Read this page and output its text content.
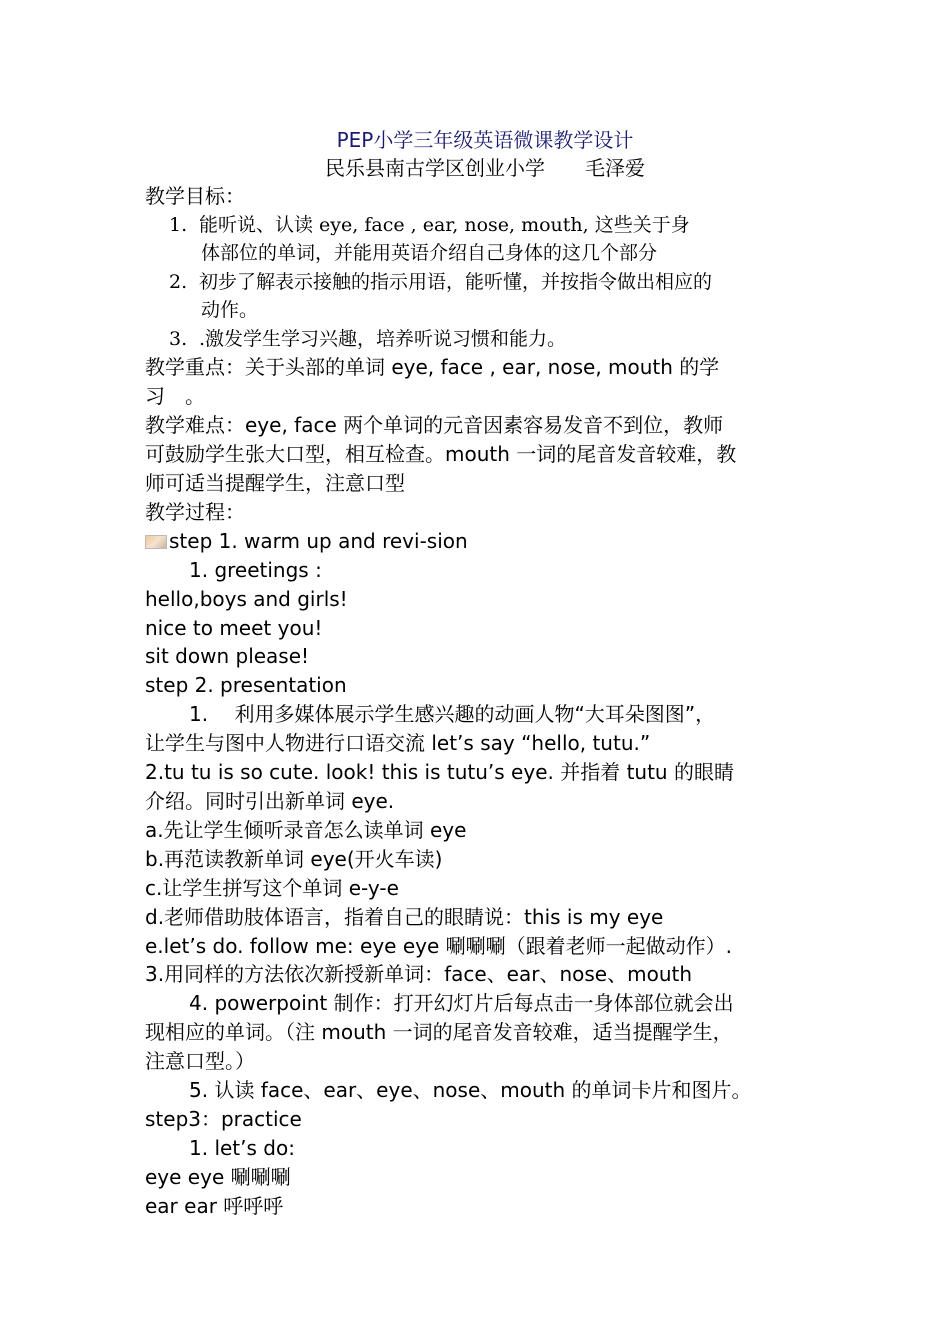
PEP小学三年级英语微课教学设计

民乐县南古学区创业小学　　毛泽爱

教学目标：

1. 能听说、认读 eye, face , ear, nose, mouth, 这些关于身
体部位的单词，并能用英语介绍自己身体的这几个部分
2. 初步了解表示接触的指示用语，能听懂，并按指令做出相应的
动作。
3. .激发学生学习兴趣，培养听说习惯和能力。

教学重点：关于头部的单词 eye, face , ear, nose, mouth 的学

习　。

教学难点：eye, face 两个单词的元音因素容易发音不到位，教师

可鼓励学生张大口型，相互检查。mouth 一词的尾音发音较难，教

师可适当提醒学生，注意口型

教学过程：

step 1. warm up and revi-sion

1. greetings :

hello,boys and girls!

nice to meet you!

sit down please!

step 2. presentation

1.　 利用多媒体展示学生感兴趣的动画人物“大耳朵图图”，

让学生与图中人物进行口语交流 let’s say “hello, tutu.”

2.tu tu is so cute. look! this is tutu’s eye. 并指着 tutu 的眼睛

介绍。同时引出新单词 eye.

a.先让学生倾听录音怎么读单词 eye

b.再范读教新单词 eye(开火车读)

c.让学生拼写这个单词 e-y-e

d.老师借助肢体语言，指着自己的眼睛说：this is my eye

e.let’s do. follow me: eye eye 唰唰唰（跟着老师一起做动作）.

3.用同样的方法依次新授新单词：face、ear、nose、mouth

4. powerpoint 制作：打开幻灯片后每点击一身体部位就会出

现相应的单词。（注 mouth 一词的尾音发音较难，适当提醒学生，

注意口型。）

5. 认读 face、ear、eye、nose、mouth 的单词卡片和图片。

step3：practice

1. let’s do:

eye eye 唰唰唰

ear ear 呼呼呼
